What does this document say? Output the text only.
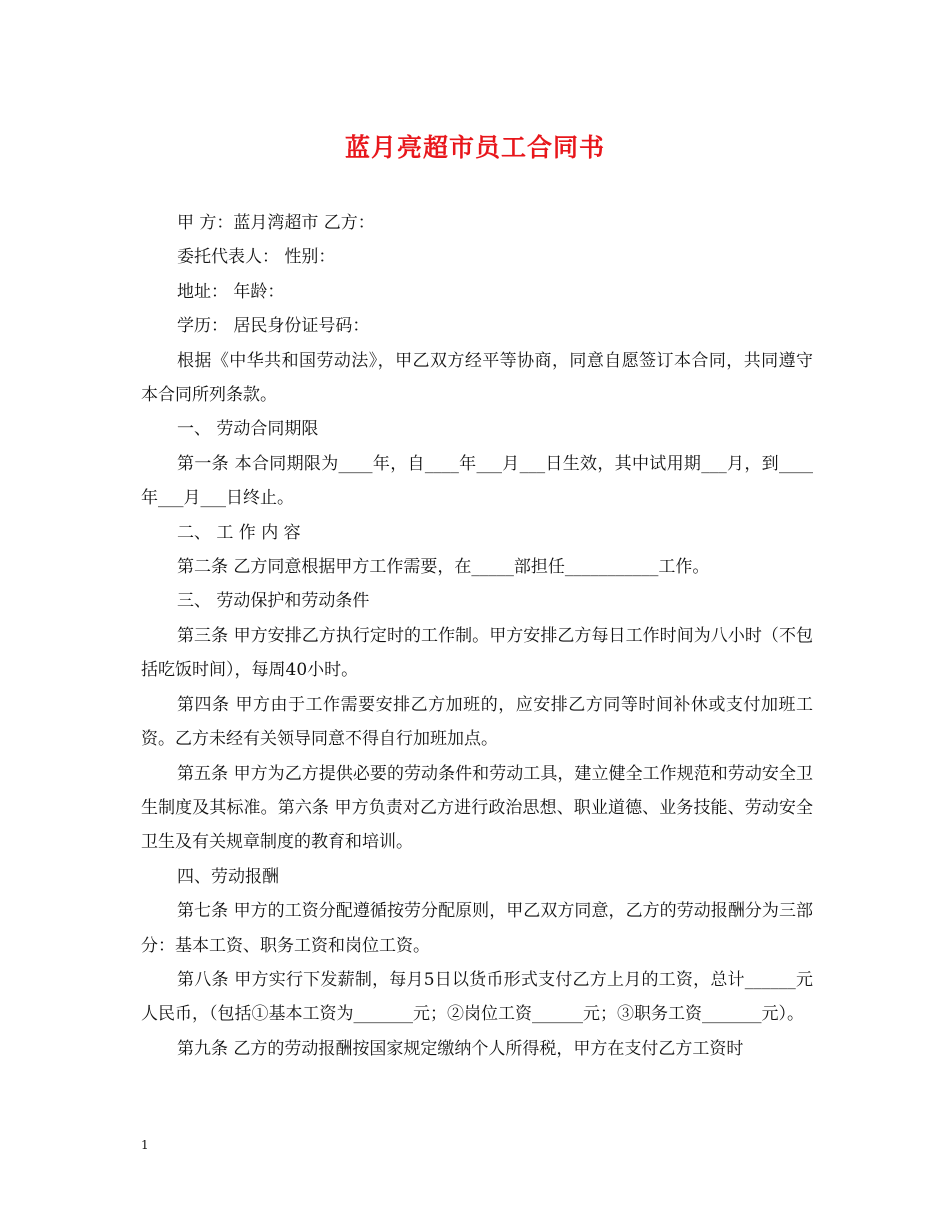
蓝月亮超市员工合同书

甲 方：蓝月湾超市 乙方：

委托代表人： 性别：

地址： 年龄：

学历： 居民身份证号码：

根据《中华共和国劳动法》，甲乙双方经平等协商，同意自愿签订本合同，共同遵守本合同所列条款。

一、 劳动合同期限

第一条 本合同期限为____年，自____年___月___日生效，其中试用期___月，到____年___月___日终止。

二、 工 作 内 容

第二条 乙方同意根据甲方工作需要，在_____部担任___________工作。

三、 劳动保护和劳动条件

第三条 甲方安排乙方执行定时的工作制。甲方安排乙方每日工作时间为八小时（不包括吃饭时间），每周40小时。

第四条 甲方由于工作需要安排乙方加班的，应安排乙方同等时间补休或支付加班工资。乙方未经有关领导同意不得自行加班加点。

第五条 甲方为乙方提供必要的劳动条件和劳动工具，建立健全工作规范和劳动安全卫生制度及其标准。第六条 甲方负责对乙方进行政治思想、职业道德、业务技能、劳动安全卫生及有关规章制度的教育和培训。

四、劳动报酬

第七条 甲方的工资分配遵循按劳分配原则，甲乙双方同意，乙方的劳动报酬分为三部分：基本工资、职务工资和岗位工资。

第八条 甲方实行下发薪制，每月5日以货币形式支付乙方上月的工资，总计______元人民币，（包括①基本工资为_______元；②岗位工资______元；③职务工资_______元）。

第九条 乙方的劳动报酬按国家规定缴纳个人所得税，甲方在支付乙方工资时

1
